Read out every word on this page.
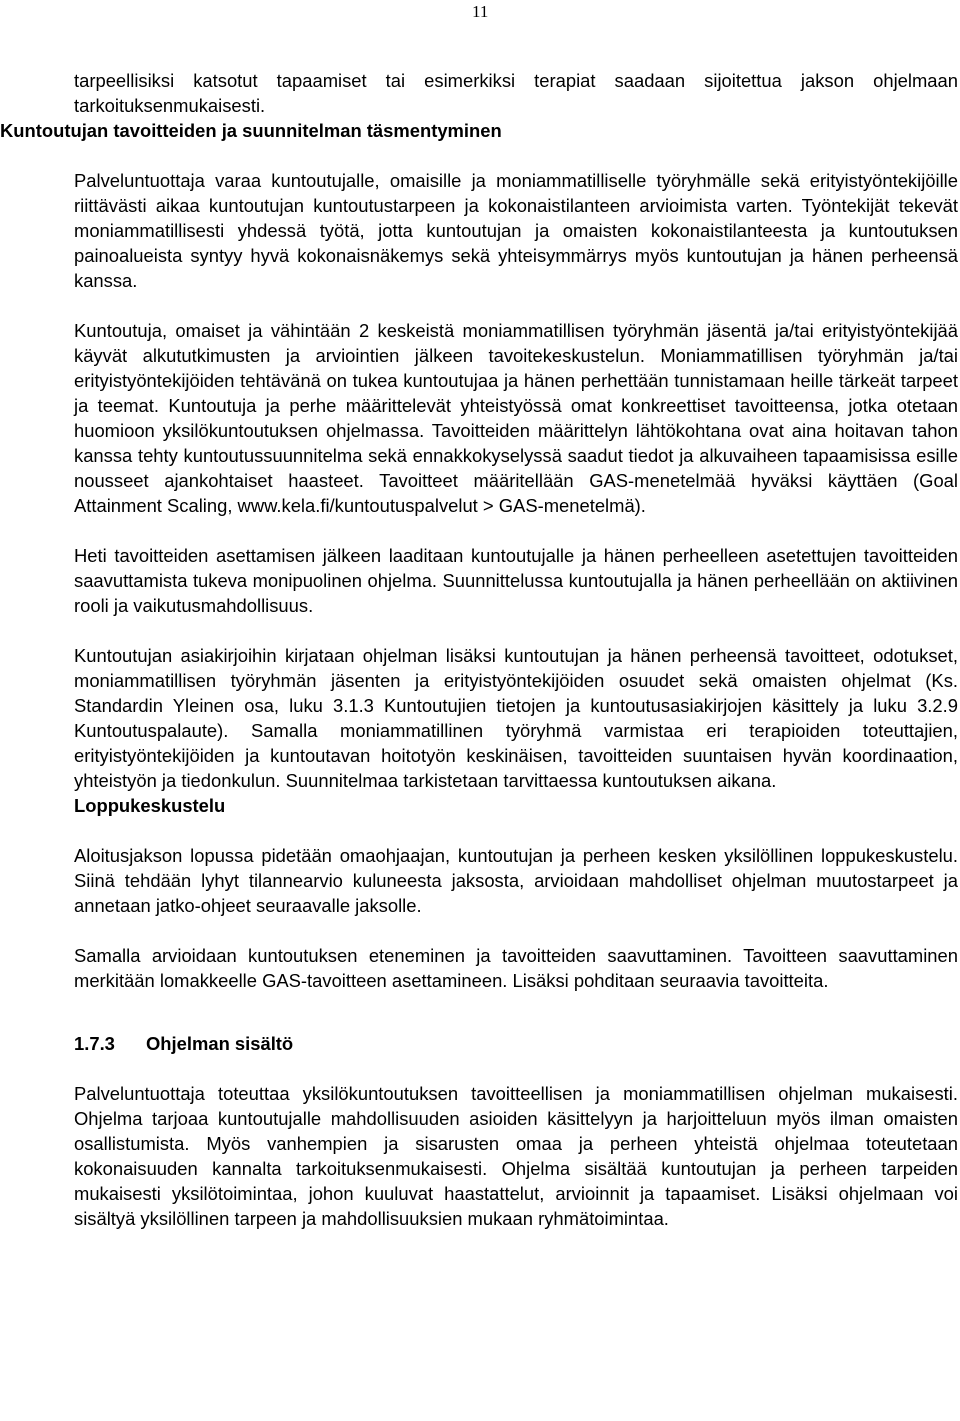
11

tarpeellisiksi katsotut tapaamiset tai esimerkiksi terapiat saadaan sijoitettua jakson ohjelmaan tarkoituksenmukaisesti.

Kuntoutujan tavoitteiden ja suunnitelman täsmentyminen

Palveluntuottaja varaa kuntoutujalle, omaisille ja moniammatilliselle työryhmälle sekä erityistyöntekijöille riittävästi aikaa kuntoutujan kuntoutustarpeen ja kokonaistilanteen arvioimista varten. Työntekijät tekevät moniammatillisesti yhdessä työtä, jotta kuntoutujan ja omaisten kokonaistilanteesta ja kuntoutuksen painoalueista syntyy hyvä kokonaisnäkemys sekä yhteisymmärrys myös kuntoutujan ja hänen perheensä kanssa.

Kuntoutuja, omaiset ja vähintään 2 keskeistä moniammatillisen työryhmän jäsentä ja/tai erityistyöntekijää käyvät alkututkimusten ja arviointien jälkeen tavoitekeskustelun. Moniammatillisen työryhmän ja/tai erityistyöntekijöiden tehtävänä on tukea kuntoutujaa ja hänen perhettään tunnistamaan heille tärkeät tarpeet ja teemat. Kuntoutuja ja perhe määrittelevät yhteistyössä omat konkreettiset tavoitteensa, jotka otetaan huomioon yksilökuntoutuksen ohjelmassa. Tavoitteiden määrittelyn lähtökohtana ovat aina hoitavan tahon kanssa tehty kuntoutussuunnitelma sekä ennakkokyselyssä saadut tiedot ja alkuvaiheen tapaamisissa esille nousseet ajankohtaiset haasteet. Tavoitteet määritellään GAS-menetelmää hyväksi käyttäen (Goal Attainment Scaling, www.kela.fi/kuntoutuspalvelut > GAS-menetelmä).

Heti tavoitteiden asettamisen jälkeen laaditaan kuntoutujalle ja hänen perheelleen asetettujen tavoitteiden saavuttamista tukeva monipuolinen ohjelma. Suunnittelussa kuntoutujalla ja hänen perheellään on aktiivinen rooli ja vaikutusmahdollisuus.

Kuntoutujan asiakirjoihin kirjataan ohjelman lisäksi kuntoutujan ja hänen perheensä tavoitteet, odotukset, moniammatillisen työryhmän jäsenten ja erityistyöntekijöiden osuudet sekä omaisten ohjelmat (Ks. Standardin Yleinen osa, luku 3.1.3 Kuntoutujien tietojen ja kuntoutusasiakirjojen käsittely ja luku 3.2.9 Kuntoutuspalaute). Samalla moniammatillinen työryhmä varmistaa eri terapioiden toteuttajien, erityistyöntekijöiden ja kuntoutavan hoitotyön keskinäisen, tavoitteiden suuntaisen hyvän koordinaation, yhteistyön ja tiedonkulun. Suunnitelmaa tarkistetaan tarvittaessa kuntoutuksen aikana.

Loppukeskustelu

Aloitusjakson lopussa pidetään omaohjaajan, kuntoutujan ja perheen kesken yksilöllinen loppukeskustelu. Siinä tehdään lyhyt tilannearvio kuluneesta jaksosta, arvioidaan mahdolliset ohjelman muutostarpeet ja annetaan jatko-ohjeet seuraavalle jaksolle.

Samalla arvioidaan kuntoutuksen eteneminen ja tavoitteiden saavuttaminen. Tavoitteen saavuttaminen merkitään lomakkeelle GAS-tavoitteen asettamineen. Lisäksi pohditaan seuraavia tavoitteita.

1.7.3 Ohjelman sisältö

Palveluntuottaja toteuttaa yksilökuntoutuksen tavoitteellisen ja moniammatillisen ohjelman mukaisesti. Ohjelma tarjoaa kuntoutujalle mahdollisuuden asioiden käsittelyyn ja harjoitteluun myös ilman omaisten osallistumista. Myös vanhempien ja sisarusten omaa ja perheen yhteistä ohjelmaa toteutetaan kokonaisuuden kannalta tarkoituksenmukaisesti. Ohjelma sisältää kuntoutujan ja perheen tarpeiden mukaisesti yksilötoimintaa, johon kuuluvat haastattelut, arvioinnit ja tapaamiset. Lisäksi ohjelmaan voi sisältyä yksilöllinen tarpeen ja mahdollisuuksien mukaan ryhmätoimintaa.
